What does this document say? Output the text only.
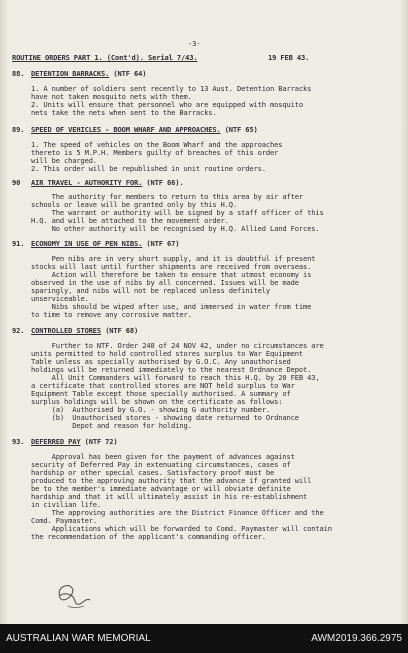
-3-
ROUTINE ORDERS PART 1. (Cont'd). Serial 7/43.	19 FEB 43.
88. DETENTION BARRACKS. (NTF 64)
1. A number of soldiers sent recently to 13 Aust. Detention Barracks
have not taken mosquito nets with them.
2. Units will ensure that personnel who are equipped with mosquito
nets take the nets when sent to the Barracks.
89. SPEED OF VEHICLES - BOOM WHARF AND APPROACHES. (NTF 65)
1. The speed of vehicles on the Boom Wharf and the approaches
thereto is 5 M.P.H. Members guilty of breaches of this order
will be charged.
2. This order will be republished in unit routine orders.
90 AIR TRAVEL - AUTHORITY FOR. (NTF 66).
The authority for members to return to this area by air after
schools or leave will be granted only by this H.Q.
The warrant or authority will be signed by a staff officer of this
H.Q. and will be attached to the movement order.
No other authority will be recognised by H.Q. Allied Land Forces.
91. ECONOMY IN USE OF PEN NIBS. (NTF 67)
Pen nibs are in very short supply, and it is doubtful if present
stocks will last until further shipments are received from overseas.
Action will therefore be taken to ensure that utmost economy is
observed in the use of nibs by all concerned. Issues will be made
sparingly, and nibs will not be replaced unless definitely
unserviceable.
Nibs should be wiped after use, and immersed in water from time
to time to remove any corrosive matter.
92. CONTROLLED STORES (NTF 68)
Further to NTF. Order 248 of 24 NOV 42, under no circumstances are
units permitted to hold controlled stores surplus to War Equipment
Table unless as specially authorised by G.O.C. Any unauthorised
holdings will be returned immediately to the nearest Ordnance Depot.
All Unit Commanders will forward to reach this H.Q. by 20 FEB 43,
a certificate that controlled stores are NOT held surplus to War
Equipment Table except those specially authorised. A summary of
surplus holdings will be shown on the certificate as follows:
(a)  Authorised by G.O. - showing G authority number.
(b)  Unauthorised stores - showing date returned to Ordnance
Depot and reason for holding.
93. DEFERRED PAY (NTF 72)
Approval has been given for the payment of advances against
security of Deferred Pay in extenuating circumstances, cases of
hardship or other special cases. Satisfactory proof must be
produced to the approving authority that the advance if granted will
be to the member's immediate advantage or will obviate definite
hardship and that it will ultimately assist in his re-establishment
in civilian life.
The approving authorities are the District Finance Officer and the
Comd. Paymaster.
Applications which will be forwarded to Comd. Paymaster will contain
the recommendation of the applicant's commanding officer.
AUSTRALIAN WAR MEMORIAL	AWM2019.366.2975
